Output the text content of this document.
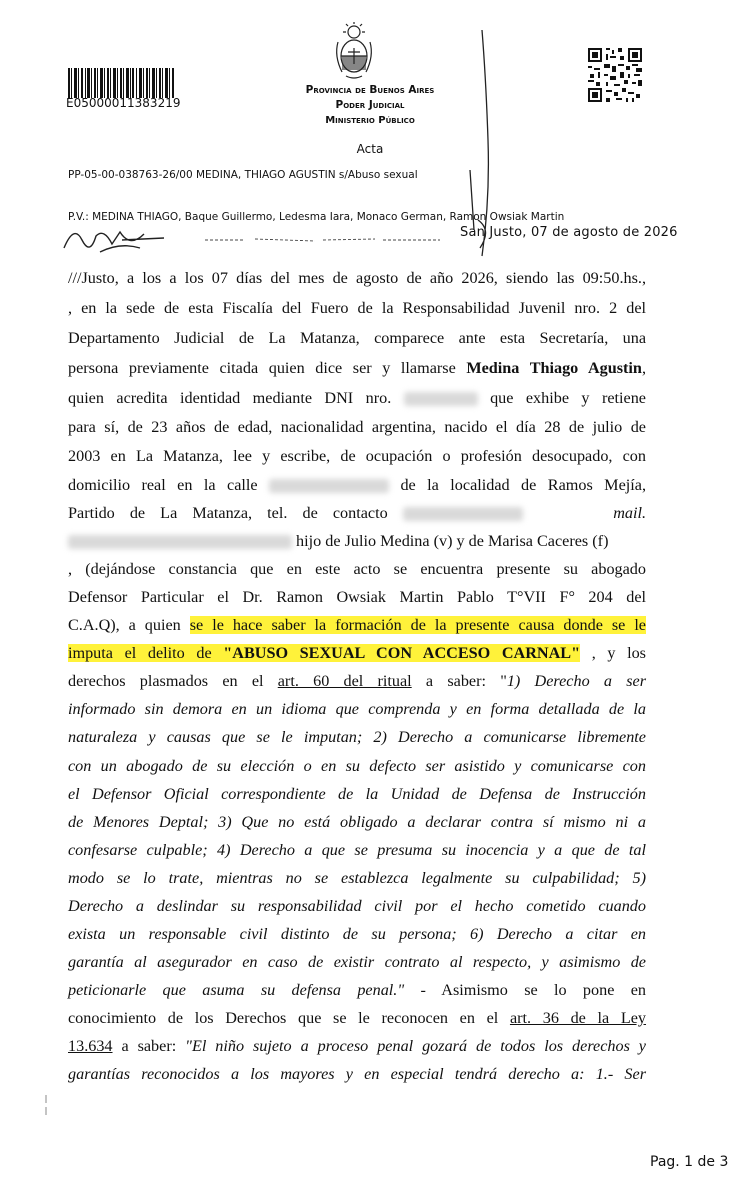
E05000011383219
Provincia de Buenos Aires
Poder Judicial
Ministerio Público
Acta
PP-05-00-038763-26/00 MEDINA, THIAGO AGUSTIN s/Abuso sexual
P.V.: MEDINA THIAGO, Baque Guillermo, Ledesma Iara, Monaco German, Ramon Owsiak Martin
San Justo, 07 de agosto de 2026
///Justo, a los a los 07 días del mes de agosto de año 2026, siendo las 09:50.hs.,
, en la sede de esta Fiscalía del Fuero de la Responsabilidad Juvenil nro. 2 del
Departamento Judicial de La Matanza, comparece ante esta Secretaría, una
persona previamente citada quien dice ser y llamarse Medina Thiago Agustin,
quien acredita identidad mediante DNI nro.	que exhibe y retiene
para sí, de 23 años de edad, nacionalidad argentina, nacido el día 28 de julio de
2003 en La Matanza, lee y escribe, de ocupación o profesión desocupado, con
domicilio real en la calle	de la localidad de Ramos Mejía,
Partido de La Matanza, tel. de contacto	mail.
hijo de Julio Medina (v) y de Marisa Caceres (f)
, (dejándose constancia que en este acto se encuentra presente su abogado
Defensor Particular el Dr. Ramon Owsiak Martin Pablo T°VII F° 204 del
C.A.Q), a quien se le hace saber la formación de la presente causa donde se le
imputa el delito de "ABUSO SEXUAL CON ACCESO CARNAL" , y los
derechos plasmados en el art. 60 del ritual a saber: "1) Derecho a ser
informado sin demora en un idioma que comprenda y en forma detallada de la
naturaleza y causas que se le imputan; 2) Derecho a comunicarse libremente
con un abogado de su elección o en su defecto ser asistido y comunicarse con
el Defensor Oficial correspondiente de la Unidad de Defensa de Instrucción
de Menores Deptal; 3) Que no está obligado a declarar contra sí mismo ni a
confesarse culpable; 4) Derecho a que se presuma su inocencia y a que de tal
modo se lo trate, mientras no se establezca legalmente su culpabilidad; 5)
Derecho a deslindar su responsabilidad civil por el hecho cometido cuando
exista un responsable civil distinto de su persona; 6) Derecho a citar en
garantía al asegurador en caso de existir contrato al respecto, y asimismo de
peticionarle que asuma su defensa penal." - Asimismo se lo pone en
conocimiento de los Derechos que se le reconocen en el art. 36 de la Ley
13.634 a saber: "El niño sujeto a proceso penal gozará de todos los derechos y
garantías reconocidos a los mayores y en especial tendrá derecho a: 1.- Ser
Pag. 1 de 3
